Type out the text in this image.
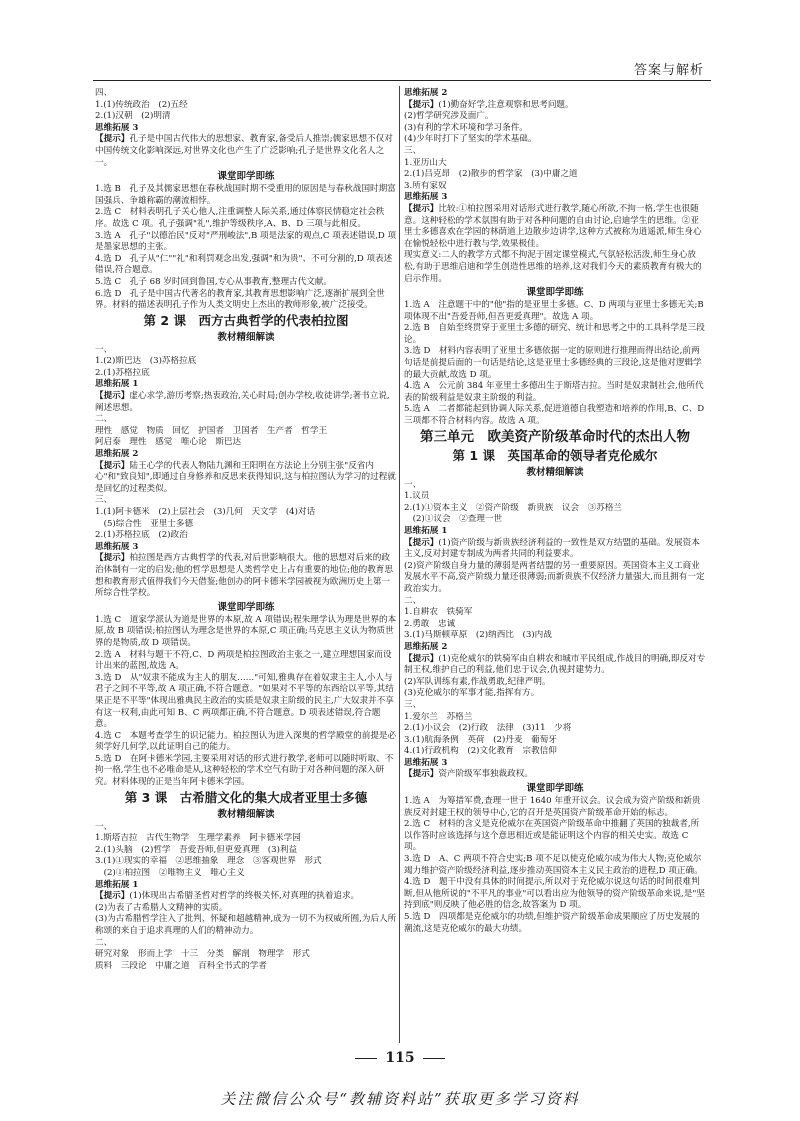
答案与解析
四、
1.(1)传统政治　(2)五经
2.(1)汉朝　(2)明清
思维拓展 3
【提示】孔子是中国古代伟大的思想家、教育家,备受后人推崇;儒家思想不仅对中国传统文化影响深远,对世界文化也产生了广泛影响;孔子是世界文化名人之一。
课堂即学即练
1.选 B　孔子及其儒家思想在春秋战国时期不受重用的原因是与春秋战国时期富国强兵、争雄称霸的潮流相悖。
2.选 C　材料表明孔子关心他人,注重调整人际关系,通过体察民情稳定社会秩序。故选 C 项。孔子强调"礼",维护等级秩序,A、B、D 三项与此相反。
3.选 A　孔子"以德治民"反对"严刑峻法",B 项是法家的观点,C 项表述错误,D 项是墨家思想的主张。
4.选 D　孔子从"仁""礼"和利罚观念出发,强调"和为贵"、不可分割的,D 项表述错误,符合题意。
5.选 C　孔子 68 岁时回到鲁国,专心从事教育,整理古代文献。
6.选 D　孔子是中国古代著名的教育家,其教育思想影响广泛,逐渐扩展到全世界。材料的描述表明孔子作为人类文明史上杰出的教师形象,被广泛接受。
第 2 课　西方古典哲学的代表柏拉图
教材精细解读
一、
1.(2)斯巴达　(3)苏格拉底
2.(1)苏格拉底
思维拓展 1
【提示】虚心求学,游历考察;热衷政治,关心时局;创办学校,收徒讲学;著书立说,阐述思想。
二、
理性　感觉　物质　回忆　护国者　卫国者　生产者　哲学王
阿启泰　理性　感觉　唯心论　斯巴达
思维拓展 2
【提示】陆王心学的代表人物陆九渊和王阳明在方法论上分别主张"反省内心"和"致良知",即通过自身修养和反思来获得知识,这与柏拉图认为学习的过程就是回忆的过程类似。
三、
1.(1)阿卡德米　(2)上层社会　(3)几何　天文学　(4)对话
　(5)综合性　亚里士多德
2.(1)苏格拉底　(2)政治
思维拓展 3
【提示】柏拉图是西方古典哲学的代表,对后世影响很大。他的思想对后来的政治体制有一定的启发;他的哲学思想是人类哲学史上占有重要的地位;他的教育思想和教育形式值得我们今天借鉴;他创办的阿卡德米学园被视为欧洲历史上第一所综合性学校。
课堂即学即练
1.选 C　道家学派认为道是世界的本原,故 A 项错误;程朱理学认为理是世界的本原,故 B 项错误;柏拉图认为理念是世界的本原,C 项正确;马克思主义认为物质世界的是物质,故 D 项错误。
2.选 A　材料与题干不符,C、D 两项是柏拉图政治主张之一,建立理想国家而设计出来的蓝图,故选 A。
3.选 D　从"奴隶不能成为主人的朋友……"可知,雅典存在着奴隶主主人,小人与君子之间不平等,故 A 项正确,不符合题意。"如果对不平等的东西给以平等,其结果正是不平等"体现出雅典民主政治的实质是奴隶主阶级的民主,广大奴隶并不享有这一权利,由此可知 B、C 两项都正确,不符合题意。D 项表述错误,符合题意。
4.选 C　本题考查学生的识记能力。柏拉图认为进入深奥的哲学殿堂的前提是必须学好几何学,以此证明自己的能力。
5.选 D　在阿卡德米学园,主要采用对话的形式进行教学,老师可以随时听取、不拘一格,学生也不必唯命是从,这种轻松的学术空气有助于对各种问题的深入研究。材料体现的正是当年阿卡德米学园。
第 3 课　古希腊文化的集大成者亚里士多德
教材精细解读
一、
1.斯塔吉拉　古代生物学　生理学素养　阿卡德米学园
2.(1)头脑　(2)哲学　吾爱吾师,但更爱真理　(3)利益
3.(1)①现实的幸福　②思维抽象　理念　③客观世界　形式
　(2)①柏拉图　②唯物主义　唯心主义
思维拓展 1
【提示】(1)体现出古希腊圣哲对哲学的终极关怀,对真理的执着追求。
(2)为表了古希腊人文精神的实质。
(3)为古希腊哲学注入了批判、怀疑和超越精神,成为一切不为权威所囿,为后人所称颂的来自于追求真理的人们的精神动力。
二、
研究对象　形而上学　十三　分类　解剖　物理学　形式
质料　三段论　中庸之道　百科全书式的学者
思维拓展 2
【提示】(1)勤奋好学,注意观察和思考问题。
(2)哲学研究涉及面广。
(3)有利的学术环境和学习条件。
(4)少年时打下了坚实的学术基础。
三、
1.亚历山大
2.(1)吕克昂　(2)散步的哲学家　(3)中庸之道
3.所有家奴
思维拓展 3
【提示】比较:①柏拉图采用对话形式进行教学,随心所欲,不拘一格,学生也很随意。这种轻松的学术氛围有助于对各种问题的自由讨论,启迪学生的思维。②亚里士多德喜欢在学园的林荫道上边散步边讲学,这种方式被称为逍遥派,师生身心在愉悦轻松中进行教与学,效果极佳。
现实意义:二人的教学方式都不拘泥于固定课堂模式,气氛轻松活泼,师生身心放松,有助于思维启迪和学生创造性思维的培养,这对我们今天的素质教育有极大的启示作用。
课堂即学即练
1.选 A　注意题干中的"他"指的是亚里士多德。C、D 两项与亚里士多德无关;B 项体现不出"吾爱吾师,但吾更爱真理"。故选 A 项。
2.选 B　自始至终贯穿于亚里士多德的研究、统计和思考之中的工具科学是三段论。
3.选 D　材料内容表明了亚里士多德依据一定的原则进行推理而得出结论,前两句话是前提后面的一句话是结论,这是亚里士多德经典的三段论,这是他对逻辑学的最大贡献,故选 D 项。
4.选 A　公元前 384 年亚里士多德出生于斯塔吉拉。当时是奴隶制社会,他所代表的阶级利益是奴隶主阶级的利益。
5.选 A　二者都能起到协调人际关系,促进道德自我塑造和培养的作用,B、C、D 三项都不符合材料内容。故选 A 项。
第三单元　欧美资产阶级革命时代的杰出人物
第 1 课　英国革命的领导者克伦威尔
教材精细解读
一、
1.议员
2.(1)①资本主义　②资产阶级　新贵族　议会　③苏格兰
　(2)①议会　②查理一世
思维拓展 1
【提示】(1)资产阶级与新贵族经济利益的一致性是双方结盟的基础。发展资本主义,反对封建专制成为两者共同的利益要求。
(2)资产阶级自身力量的薄弱是两者结盟的另一重要原因。英国资本主义工商业发展水平不高,资产阶级力量还很薄弱;而新贵族不仅经济力量强大,而且拥有一定政治实力。
二、
1.自耕农　铁骑军
2.勇敢　忠诚
3.(1)马斯顿草原　(2)纳西比　(3)内战
思维拓展 2
【提示】(1)克伦威尔的铁骑军由自耕农和城市平民组成,作战目的明确,即反对专制王权,维护自己的利益,他们忠于议会,仇视封建势力。
(2)军队训练有素,作战勇敢,纪律严明。
(3)克伦威尔的军事才能,指挥有方。
三、
1.爱尔兰　苏格兰
2.(1)小议会　(2)行政　法律　(3)11　少将
3.(1)航海条例　英荷　(2)丹麦　葡萄牙
4.(1)行政机构　(2)文化教育　宗教信仰
思维拓展 3
【提示】资产阶级军事独裁政权。
课堂即学即练
1.选 A　为筹措军费,查理一世于 1640 年重开议会。议会成为资产阶级和新贵族反对封建王权的领导中心,它的召开是英国资产阶级革命开始的标志。
2.选 C　材料的含义是克伦威尔在英国资产阶级革命中推翻了英国的独裁者,所以作答时应该选择与这个意思相近或是能证明这个内容的相关史实。故选 C 项。
3.选 D　A、C 两项不符合史实;B 项不足以使克伦威尔成为伟大人物;克伦威尔竭力维护资产阶级经济利益,逐步推动英国资本主义民主政治的进程,D 项正确。
4.选 D　题干中没有具体的时间提示,所以对于克伦威尔说这句话的时间很难判断,但从他所说的"不平凡的事业"可以看出应为他领导的资产阶级革命来说,是"坚持到底"则反映了他必胜的信念,故答案为 D 项。
5.选 D　四项都是克伦威尔的功绩,但维护资产阶级革命成果顺应了历史发展的潮流,这是克伦威尔的最大功绩。
115
关注微信公众号“教辅资料站”获取更多学习资料
